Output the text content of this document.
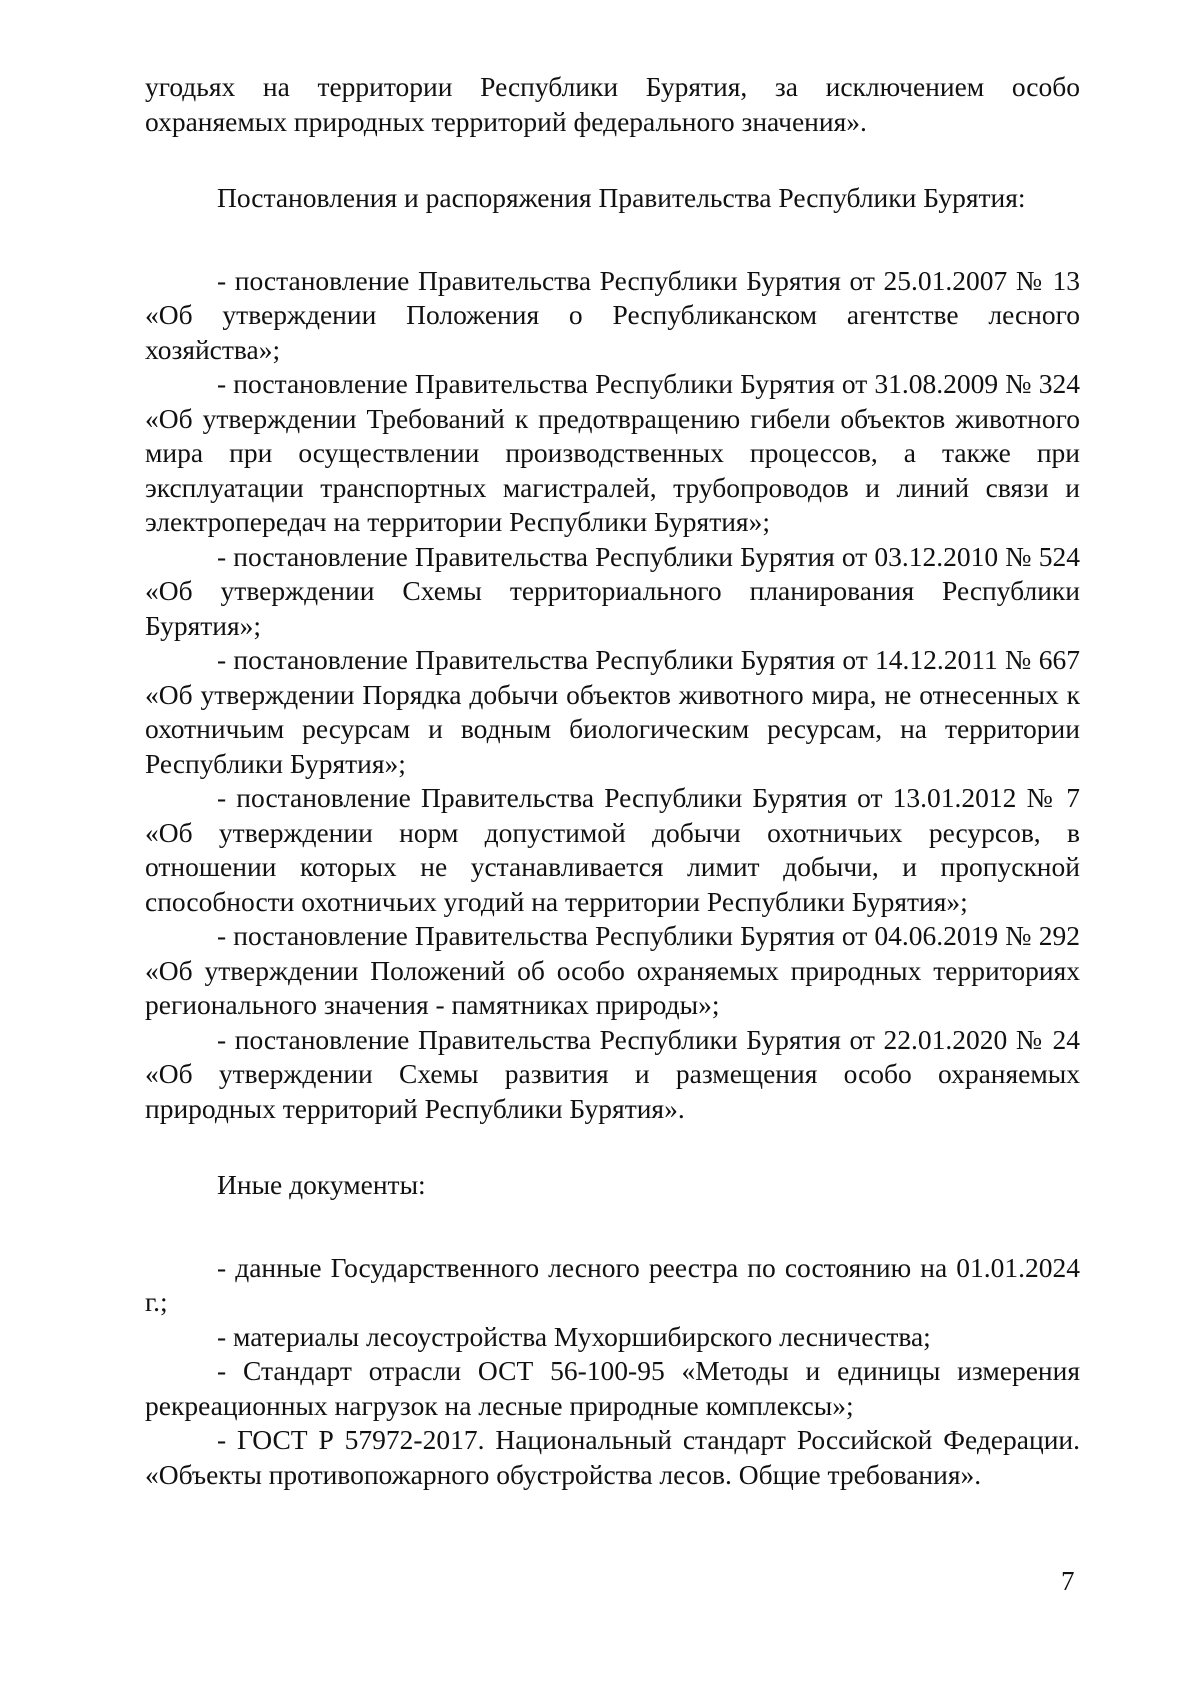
угодьях на территории Республики Бурятия, за исключением особо охраняемых природных территорий федерального значения».

Постановления и распоряжения Правительства Республики Бурятия:

- постановление Правительства Республики Бурятия от 25.01.2007 № 13 «Об утверждении Положения о Республиканском агентстве лесного хозяйства»;

- постановление Правительства Республики Бурятия от 31.08.2009 № 324 «Об утверждении Требований к предотвращению гибели объектов животного мира при осуществлении производственных процессов, а также при эксплуатации транспортных магистралей, трубопроводов и линий связи и электропередач на территории Республики Бурятия»;

- постановление Правительства Республики Бурятия от 03.12.2010 № 524 «Об утверждении Схемы территориального планирования Республики Бурятия»;

- постановление Правительства Республики Бурятия от 14.12.2011 № 667 «Об утверждении Порядка добычи объектов животного мира, не отнесенных к охотничьим ресурсам и водным биологическим ресурсам, на территории Республики Бурятия»;

- постановление Правительства Республики Бурятия от 13.01.2012 № 7 «Об утверждении норм допустимой добычи охотничьих ресурсов, в отношении которых не устанавливается лимит добычи, и пропускной способности охотничьих угодий на территории Республики Бурятия»;

- постановление Правительства Республики Бурятия от 04.06.2019 № 292 «Об утверждении Положений об особо охраняемых природных территориях регионального значения - памятниках природы»;

- постановление Правительства Республики Бурятия от 22.01.2020 № 24 «Об утверждении Схемы развития и размещения особо охраняемых природных территорий Республики Бурятия».

Иные документы:

- данные Государственного лесного реестра по состоянию на 01.01.2024 г.;

- материалы лесоустройства Мухоршибирского лесничества;

- Стандарт отрасли ОСТ 56-100-95 «Методы и единицы измерения рекреационных нагрузок на лесные природные комплексы»;

- ГОСТ Р 57972-2017. Национальный стандарт Российской Федерации. «Объекты противопожарного обустройства лесов. Общие требования».

7
